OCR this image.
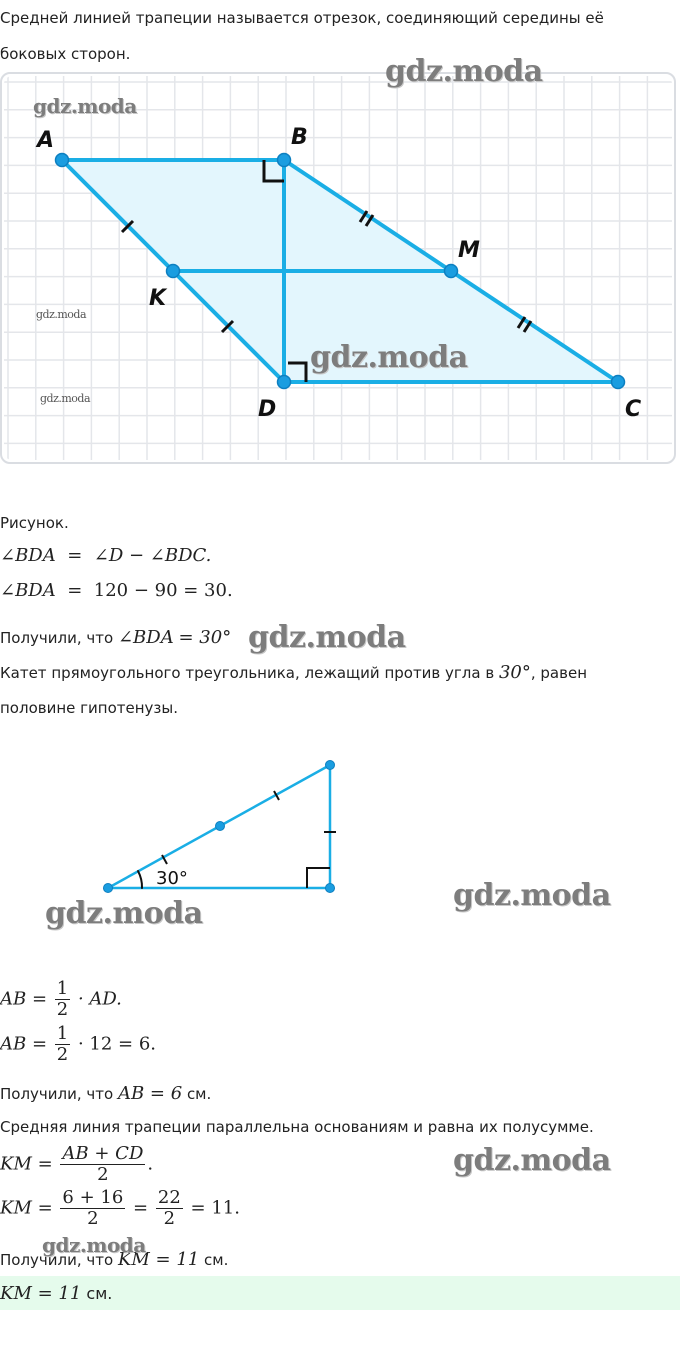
Средней линией трапеции называется отрезок, соединяющий середины её
боковых сторон.
A	B
M
K
D	C
gdz.moda
gdz.moda
gdz.moda
gdz.moda
gdz.moda
Рисунок.
∠BDA  =  ∠D − ∠BDC.
∠BDA  =  120 − 90 = 30.
Получили, что ∠BDA = 30° gdz.moda
Катет прямоугольного треугольника, лежащий против угла в 30°, равен
половине гипотенузы.
30°
gdz.moda
gdz.moda
AB = $\frac{1}{2}$ · AD.
AB = $\frac{1}{2} \cdot 12 = 6$.
Получили, что AB = 6 см.
Средняя линия трапеции параллельна основаниям и равна их полусумме.
KM = $\frac{AB + CD}{2}$ .	gdz.moda
KM = $\frac{6 + 16}{2} = \frac{22}{2} = 11$.
Получили, что KM = 11 см.
gdz.moda
KM = 11 см.
